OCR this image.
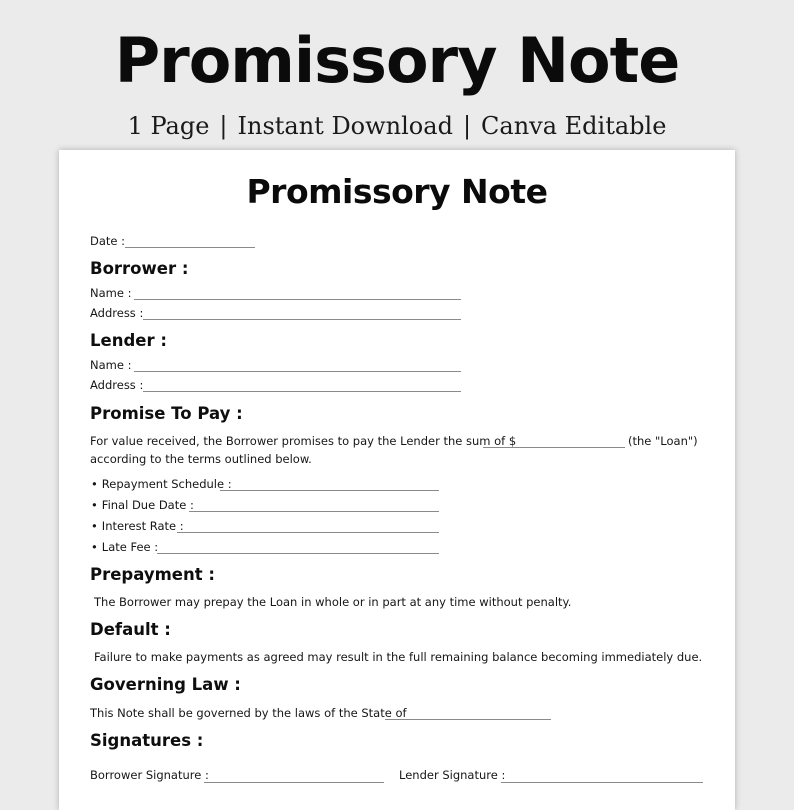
Promissory Note
1 Page | Instant Download | Canva Editable
Promissory Note
Date :
Borrower :
Name :
Address :
Lender :
Name :
Address :
Promise To Pay :
For value received, the Borrower promises to pay the Lender the sum of $	(the "Loan")
according to the terms outlined below.
• Repayment Schedule :
• Final Due Date :
• Interest Rate :
• Late Fee :
Prepayment :
The Borrower may prepay the Loan in whole or in part at any time without penalty.
Default :
Failure to make payments as agreed may result in the full remaining balance becoming immediately due.
Governing Law :
This Note shall be governed by the laws of the State of
Signatures :
Borrower Signature :	Lender Signature :
